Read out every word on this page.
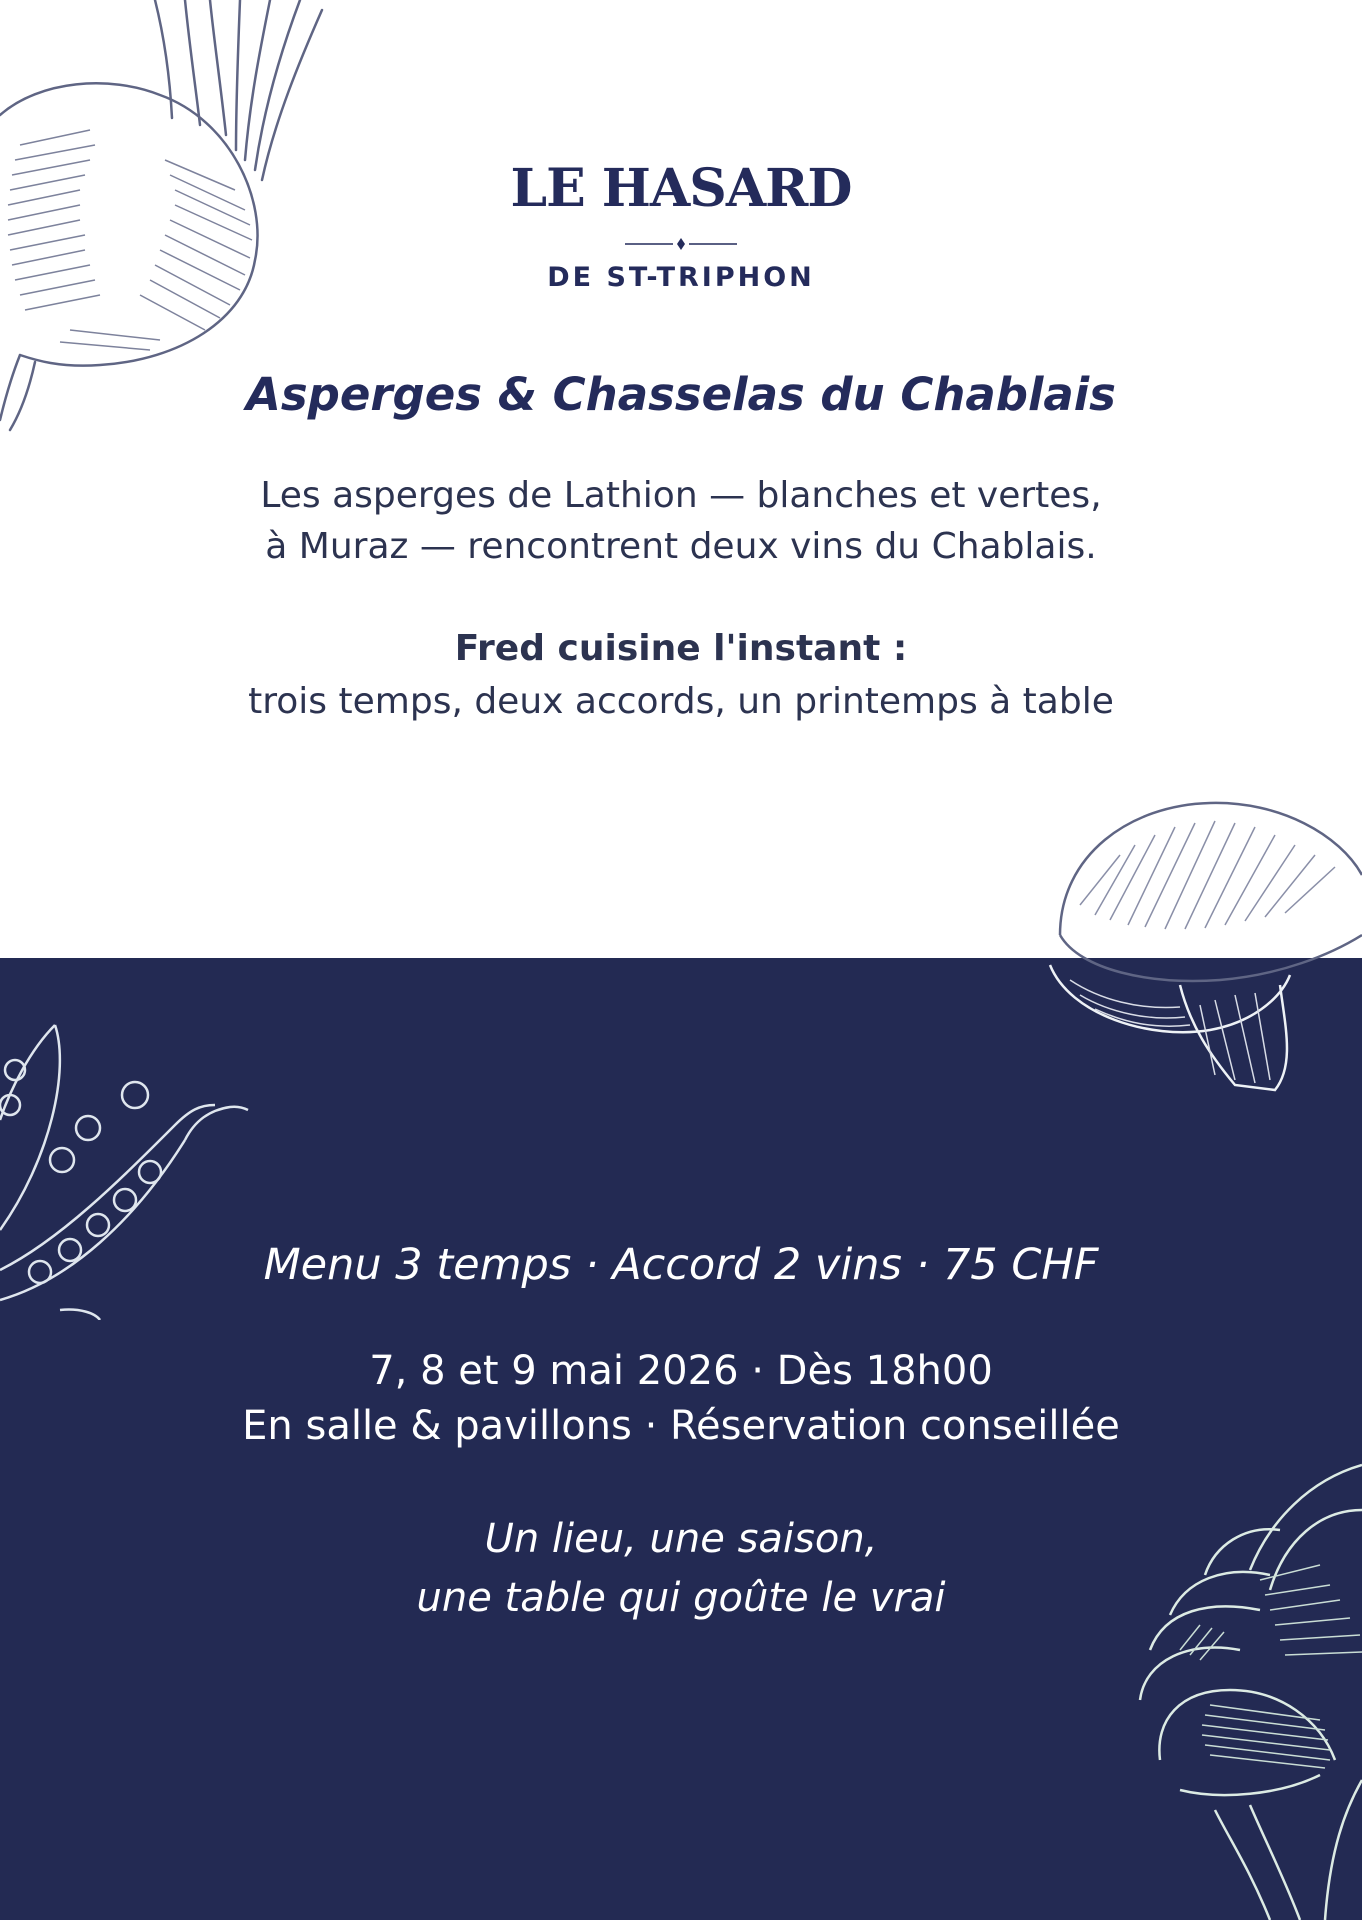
LE HASARD
DE ST-TRIPHON
Asperges & Chasselas du Chablais
Les asperges de Lathion — blanches et vertes,
à Muraz — rencontrent deux vins du Chablais.
Fred cuisine l'instant :
trois temps, deux accords, un printemps à table
Menu 3 temps · Accord 2 vins · 75 CHF
7, 8 et 9 mai 2026 · Dès 18h00
En salle & pavillons · Réservation conseillée
Un lieu, une saison,
une table qui goûte le vrai
